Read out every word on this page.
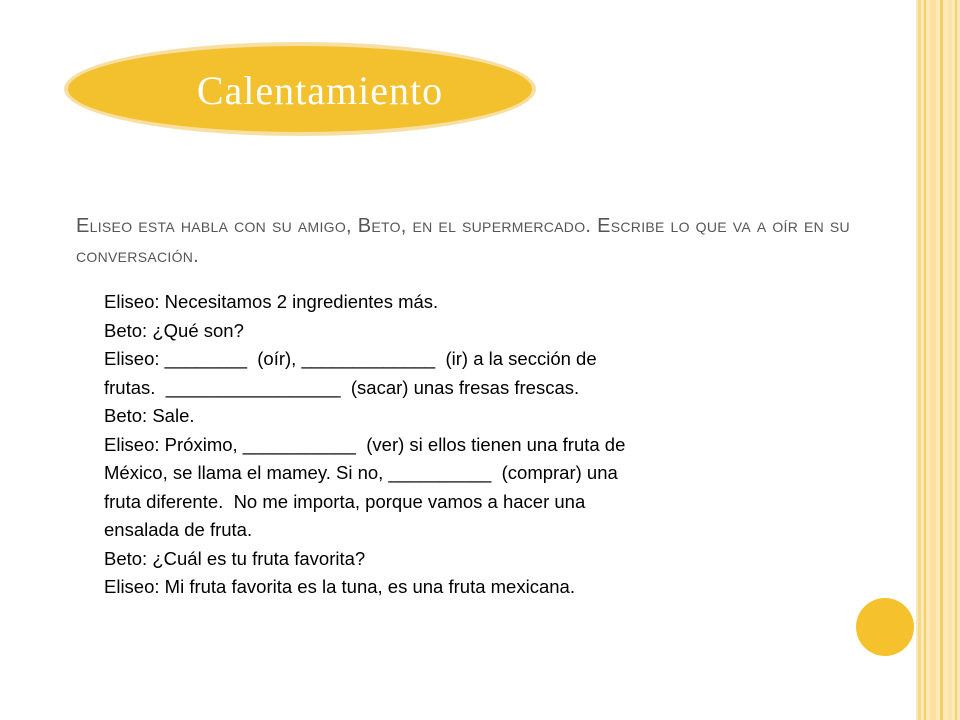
Calentamiento
Eliseo esta habla con su amigo, Beto, en el supermercado. Escribe lo que va a oír en su conversación.
Eliseo: Necesitamos 2 ingredientes más.
Beto: ¿Qué son?
Eliseo: ________  (oír), _____________  (ir) a la sección de
frutas.  _________________  (sacar) unas fresas frescas.
Beto: Sale.
Eliseo: Próximo, ___________  (ver) si ellos tienen una fruta de
México, se llama el mamey. Si no, __________  (comprar) una
fruta diferente.  No me importa, porque vamos a hacer una
ensalada de fruta.
Beto: ¿Cuál es tu fruta favorita?
Eliseo: Mi fruta favorita es la tuna, es una fruta mexicana.
